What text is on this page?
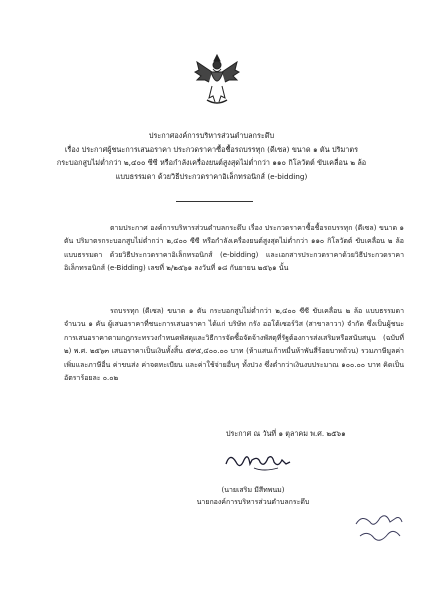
ประกาศองค์การบริหารส่วนตำบลกระดึบ
เรื่อง ประกาศผู้ชนะการเสนอราคา ประกวดราคาซื้อชื้อรถบรรทุก (ดีเซล) ขนาด ๑ ตัน ปริมาตร
กระบอกสูบไม่ต่ำกว่า ๒,๔๐๐ ซีซี หรือกำลังเครื่องยนต์สูงสุดไม่ต่ำกว่า ๑๑๐ กิโลวัตต์ ขับเคลื่อน ๒ ล้อ
แบบธรรมดา ด้วยวิธีประกวดราคาอิเล็กทรอนิกส์ (e-bidding)
ตามประกาศ องค์การบริหารส่วนตำบลกระดึบ เรื่อง ประกวดราคาซื้อชื้อรถบรรทุก (ดีเซล) ขนาด ๑ ตัน ปริมาตรกระบอกสูบไม่ต่ำกว่า ๒,๔๐๐ ซีซี หรือกำลังเครื่องยนต์สูงสุดไม่ต่ำกว่า ๑๑๐ กิโลวัตต์ ขับเคลื่อน ๒ ล้อ แบบธรรมดา ด้วยวิธีประกวดราคาอิเล็กทรอนิกส์ (e-bidding) และเอกสารประกวดราคาด้วยวิธีประกวดราคาอิเล็กทรอนิกส์ (e-Bidding) เลขที่ ๒/๒๕๖๑ ลงวันที่ ๑๘ กันยายน ๒๕๖๑ นั้น
รถบรรทุก (ดีเซล) ขนาด ๑ ตัน กระบอกสูบไม่ต่ำกว่า ๒,๔๐๐ ซีซี ขับเคลื่อน ๒ ล้อ แบบธรรมดา จำนวน ๑ คัน ผู้เสนอราคาที่ชนะการเสนอราคา ได้แก่ บริษัท กรัง ออโต้เซอร์วิส (สาขาลาวา) จำกัด ซึ่งเป็นผู้ชนะการเสนอราคาตามกฎกระทรวงกำหนดพัสดุและวิธีการจัดซื้อจัดจ้างพัสดุที่รัฐต้องการส่งเสริมหรือสนับสนุน (ฉบับที่ ๒) พ.ศ. ๒๕๖๓ เสนอราคาเป็นเงินทั้งสิ้น ๕๙๕,๔๐๐.๐๐ บาท (ห้าแสนเก้าหมื่นห้าพันสี่ร้อยบาทถ้วน) รวมภาษีมูลค่าเพิ่มและภาษีอื่น ค่าขนส่ง ค่าจดทะเบียน และค่าใช้จ่ายอื่นๆ ทั้งปวง ซึ่งต่ำกว่าเงินงบประมาณ ๑๐๐.๐๐ บาท คิดเป็นอัตราร้อยละ ๐.๐๒
ประกาศ ณ วันที่ ๑ ตุลาคม พ.ศ. ๒๕๖๑
(นายเสริม มีสีทพนม)
นายกองค์การบริหารส่วนตำบลกระดึบ
